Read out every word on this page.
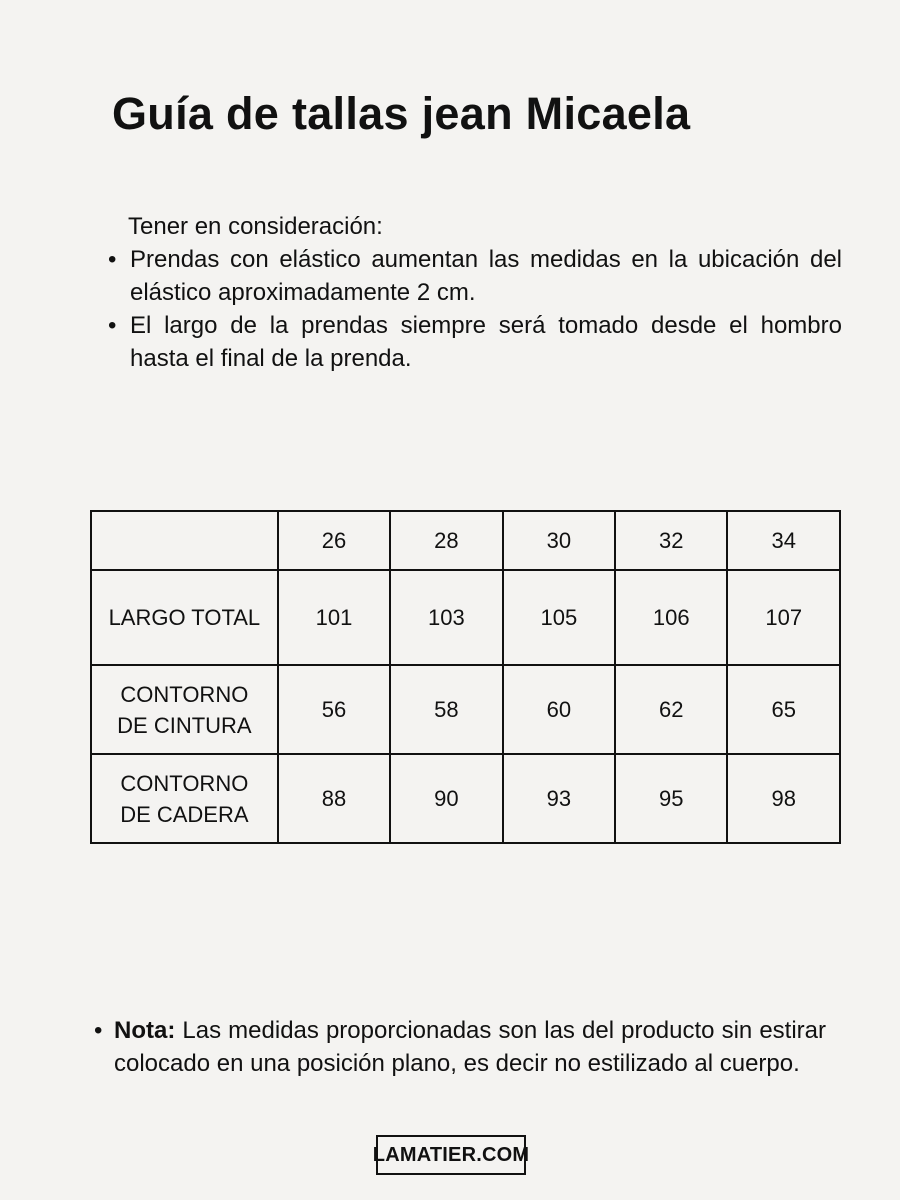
Guía de tallas jean Micaela
Tener en consideración:
• Prendas con elástico aumentan las medidas en la ubicación del elástico aproximadamente 2 cm.
• El largo de la prendas siempre será tomado desde el hombro hasta el final de la prenda.
	26	28	30	32	34
LARGO TOTAL	101	103	105	106	107
CONTORNO
DE CINTURA	56	58	60	62	65
CONTORNO
DE CADERA	88	90	93	95	98
• Nota: Las medidas proporcionadas son las del producto sin estirar colocado en una posición plano, es decir no estilizado al cuerpo.
LAMATIER.COM
